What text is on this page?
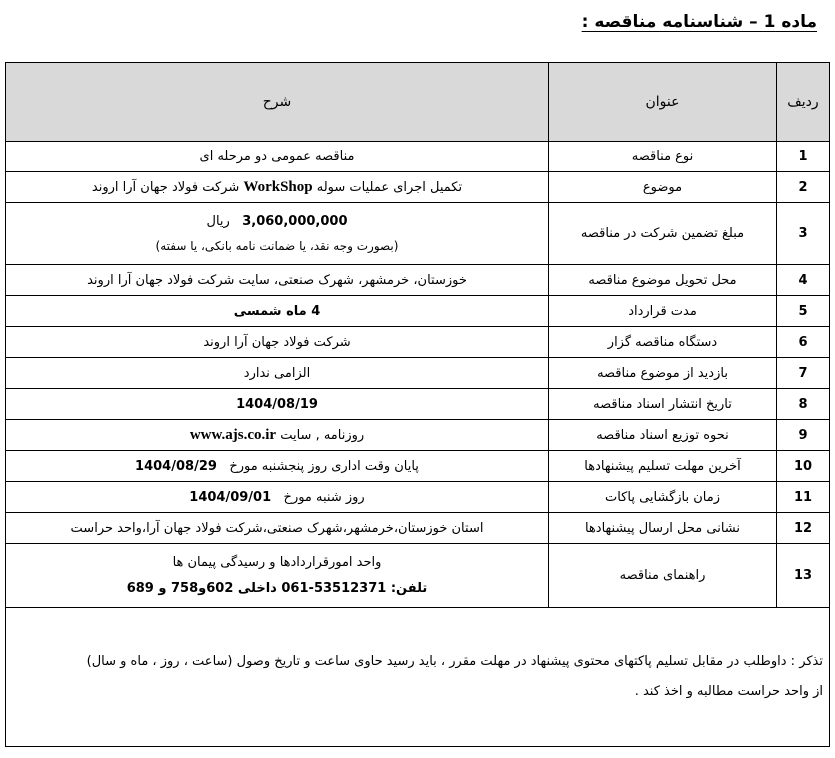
ماده 1 – شناسنامه مناقصه :
ردیف	عنوان	شرح
1	نوع مناقصه	مناقصه عمومی دو مرحله ای
2	موضوع	تکمیل اجرای عملیات سوله WorkShop شرکت فولاد جهان آرا اروند
3	مبلغ تضمین شرکت در مناقصه	3,060,000,000   ریال
(بصورت وجه نقد، یا ضمانت نامه بانکی، یا سفته)

4	محل تحویل موضوع مناقصه	خوزستان، خرمشهر، شهرک صنعتی، سایت شرکت فولاد جهان آرا اروند
5	مدت قرارداد	4 ماه شمسی
6	دستگاه مناقصه گزار	شرکت فولاد جهان آرا اروند
7	بازدید از موضوع مناقصه	الزامی ندارد
8	تاریخ انتشار اسناد مناقصه	1404/08/19
9	نحوه توزیع اسناد مناقصه	روزنامه , سایت www.ajs.co.ir
10	آخرین مهلت تسلیم پیشنهادها	پایان وقت اداری روز پنجشنبه مورخ   1404/08/29
11	زمان بازگشایی پاکات	روز شنبه مورخ   1404/09/01
12	نشانی محل ارسال پیشنهادها	استان خوزستان،خرمشهر،شهرک صنعتی،شرکت فولاد جهان آرا،واحد حراست
13	راهنمای مناقصه	واحد امورقراردادها و رسیدگی پیمان ها
تلفن: 53512371-061 داخلی 602و758 و 689

تذکر : داوطلب در مقابل تسلیم پاکتهای محتوی پیشنهاد در مهلت مقرر ، باید رسید حاوی ساعت و تاریخ وصول (ساعت ، روز ، ماه و سال)
از واحد حراست مطالبه و اخذ کند .		
